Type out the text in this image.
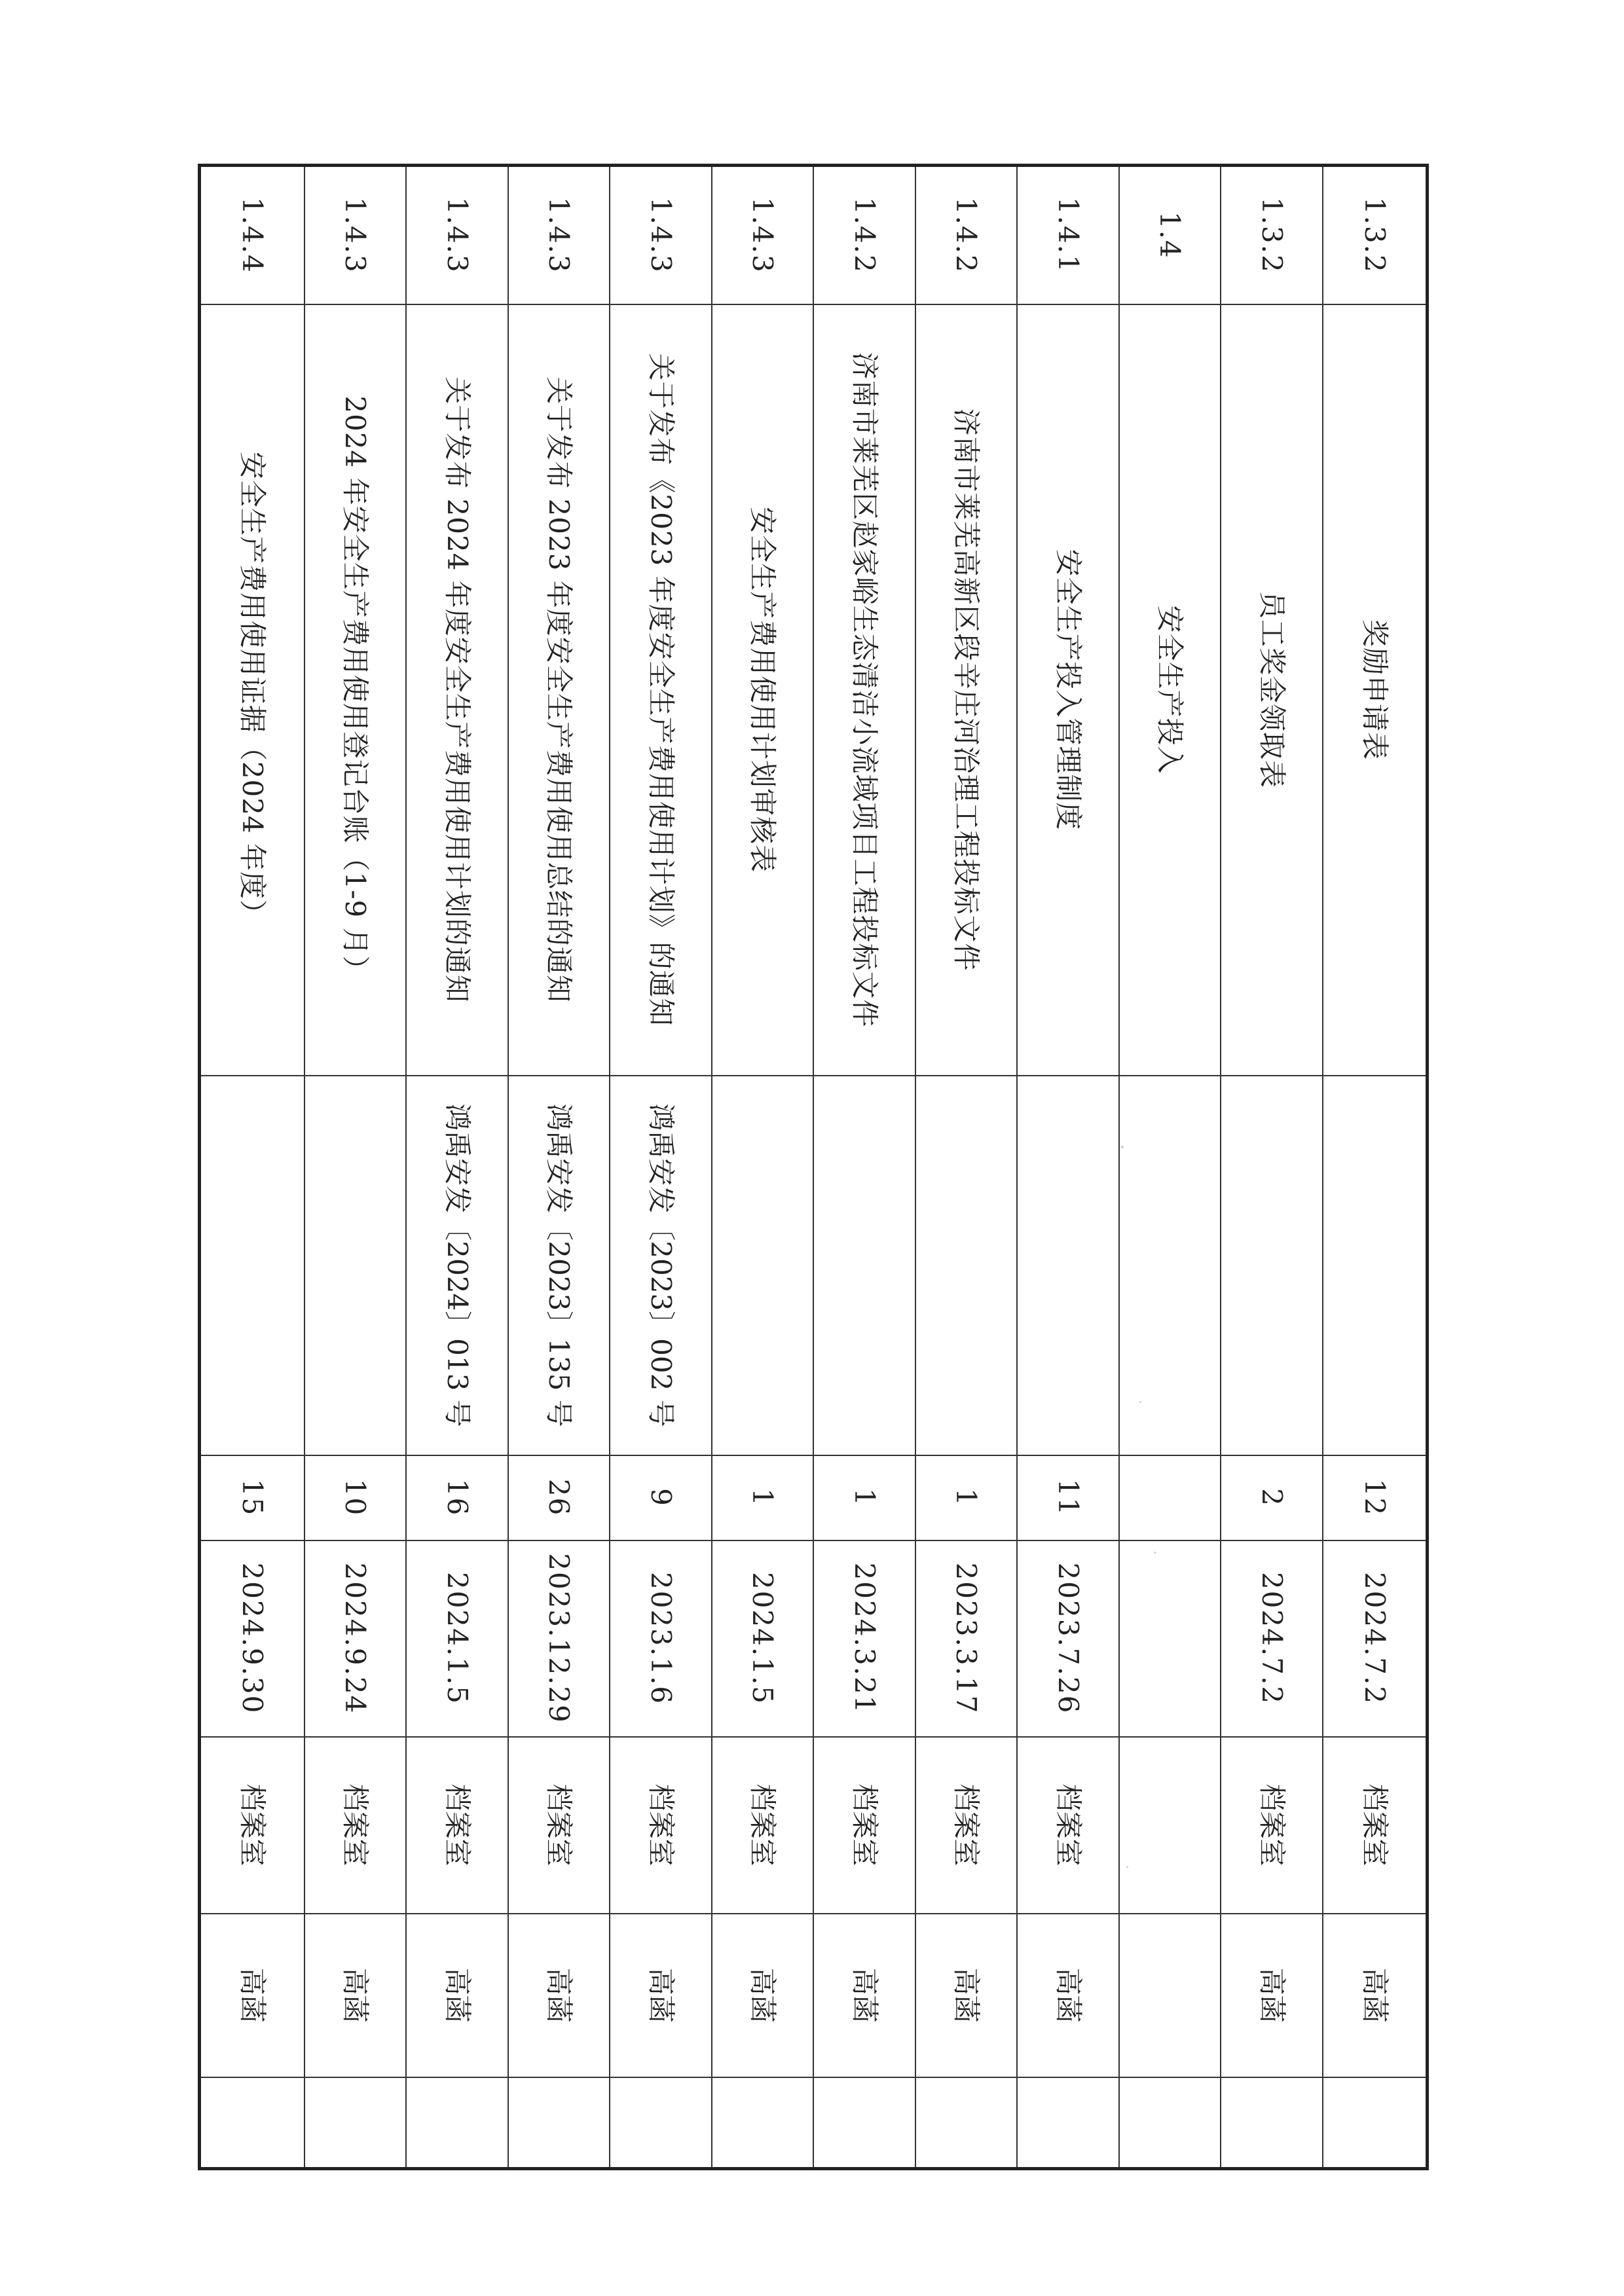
1.3.2	奖励申请表		12	2024.7.2	档案室	高菡	
1.3.2	员工奖金领取表		2	2024.7.2	档案室	高菡	
1.4	安全生产投入						
1.4.1	安全生产投入管理制度		11	2023.7.26	档案室	高菡	
1.4.2	济南市莱芜高新区段辛庄河治理工程投标文件		1	2023.3.17	档案室	高菡	
1.4.2	济南市莱芜区赵家峪生态清洁小流域项目工程投标文件		1	2024.3.21	档案室	高菡	
1.4.3	安全生产费用使用计划审核表		1	2024.1.5	档案室	高菡	
1.4.3	关于发布《2023 年度安全生产费用使用计划》的通知	鸿禹安发〔2023〕002 号	9	2023.1.6	档案室	高菡	
1.4.3	关于发布 2023 年度安全生产费用使用总结的通知	鸿禹安发〔2023〕135 号	26	2023.12.29	档案室	高菡	
1.4.3	关于发布 2024 年度安全生产费用使用计划的通知	鸿禹安发〔2024〕013 号	16	2024.1.5	档案室	高菡	
1.4.3	2024 年安全生产费用使用登记台账（1-9 月）		10	2024.9.24	档案室	高菡	
1.4.4	安全生产费用使用证据（2024 年度）		15	2024.9.30	档案室	高菡	
